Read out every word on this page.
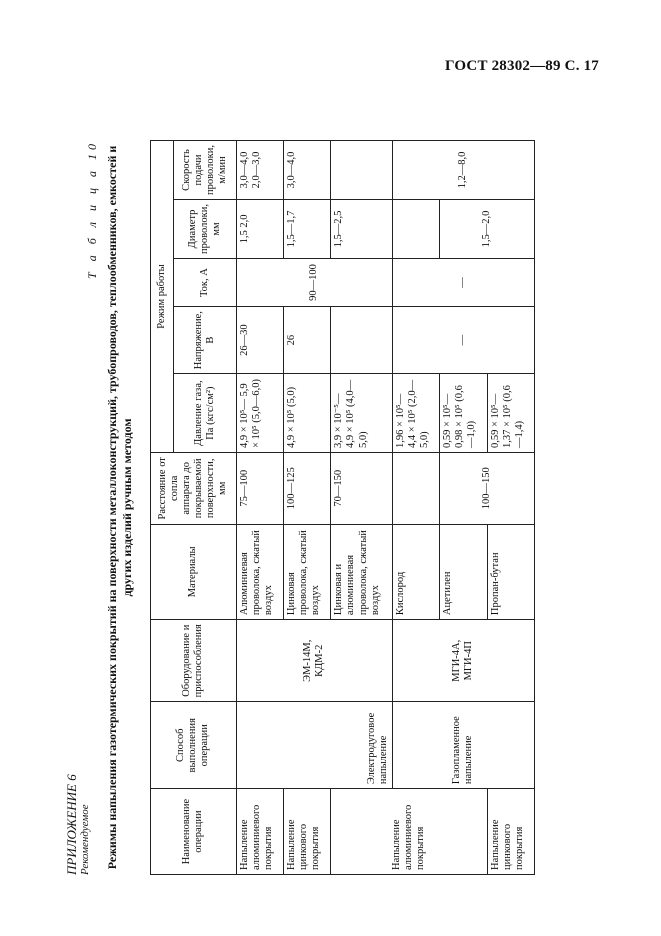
ГОСТ 28302—89 С. 17
ПРИЛОЖЕНИЕ 6 Рекомендуемое
Т а б л и ц а 10 Режимы напыления газотермических покрытий на поверхности металлоконструкций, трубопроводов, теплообменников, емкостей и других изделий ручным методом
Наименование операции	Способ выполнения операции	Оборудование и приспособления	Материалы	Расстояние от сопла аппарата до покрываемой поверхности, мм	Режим работы				
					Давление газа, Па (кгс/см²)	Напряжение, В	Ток, А	Диаметр проволоки, мм	Скорость подачи проволоки, м/мин
Напыление алюминиевого покрытия	Электродуговое напыление	ЭМ-14М, КДМ-2	Алюминиевая проволока, сжатый воздух	75—100	4,9 × 10⁵— 5,9 × 10⁵ (5,0—6,0)	26—30	90—100	1,5 2,0	3,0—4,0 2,0—3,0
Напыление цинкового покрытия			Цинковая проволока, сжатый воздух	100—125	4,9 × 10⁵ (5,0)	26		1,5—1,7	3,0—4,0
Напыление алюминиевого покрытия			Цинковая и алюминиевая проволока, сжатый воздух	70—150	3,9 × 10⁻⁵— 4,9 × 10⁵ (4,0—5,0)			1,5—2,5	
	Газопламенное напыление	МГИ-4А, МГИ-4П	Кислород		1,96 × 10⁵— 4,4 × 10⁵ (2,0—5,0)	—	—		1,2—8,0
			Ацетилен	100—150	0,59 × 10⁵— 0,98 × 10⁵ (0,6—1,0)			1,5—2,0	
Напыление цинкового покрытия			Пропан-бутан		0,59 × 10⁵— 1,37 × 10⁵ (0,6—1,4)				
